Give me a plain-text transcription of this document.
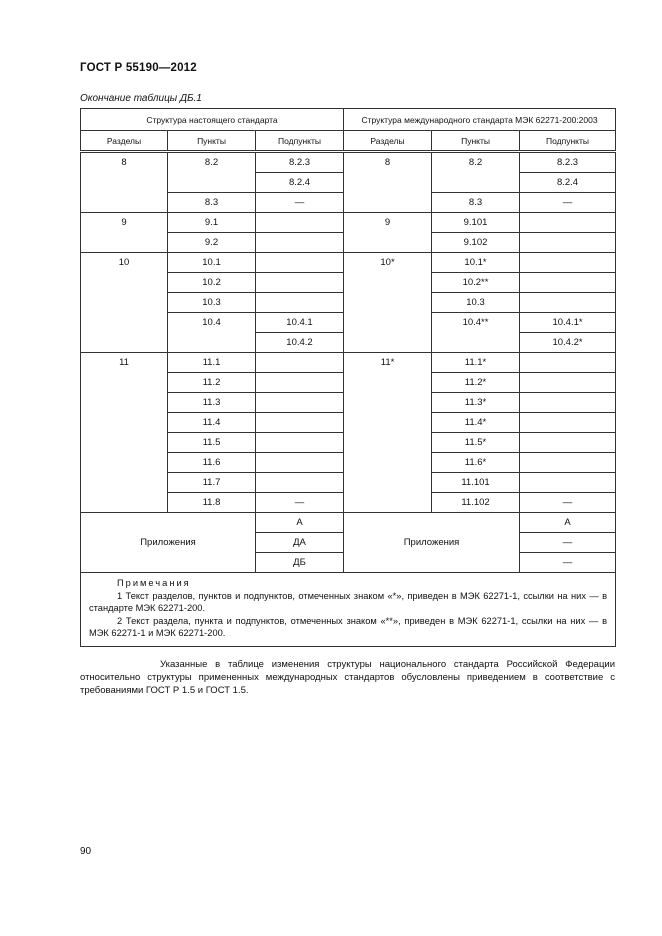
ГОСТ Р 55190—2012
Окончание таблицы ДБ.1
Структура настоящего стандарта			Структура международного стандарта МЭК 62271-200:2003		
Разделы	Пункты	Подпункты	Разделы	Пункты	Подпункты
8	8.2	8.2.3	8	8.2	8.2.3
		8.2.4			8.2.4
	8.3	—		8.3	—
9	9.1		9	9.101	
	9.2			9.102	
10	10.1		10*	10.1*	
	10.2			10.2**	
	10.3			10.3	
	10.4	10.4.1		10.4**	10.4.1*
		10.4.2			10.4.2*
11	11.1		11*	11.1*	
	11.2			11.2*	
	11.3			11.3*	
	11.4			11.4*	
	11.5			11.5*	
	11.6			11.6*	
	11.7			11.101	
	11.8	—		11.102	—
Приложения		А	Приложения		А
		ДА			—
		ДБ			—

Примечания
1 Текст разделов, пунктов и подпунктов, отмеченных знаком «*», приведен в МЭК 62271-1, ссылки на них — в стандарте МЭК 62271-200.
2 Текст раздела, пункта и подпунктов, отмеченных знаком «**», приведен в МЭК 62271-1, ссылки на них — в МЭК 62271-1 и МЭК 62271-200.					
Указанные в таблице изменения структуры национального стандарта Российской Федерации относительно структуры примененных международных стандартов обусловлены приведением в соответствие с требованиями ГОСТ Р 1.5 и ГОСТ 1.5.
90
